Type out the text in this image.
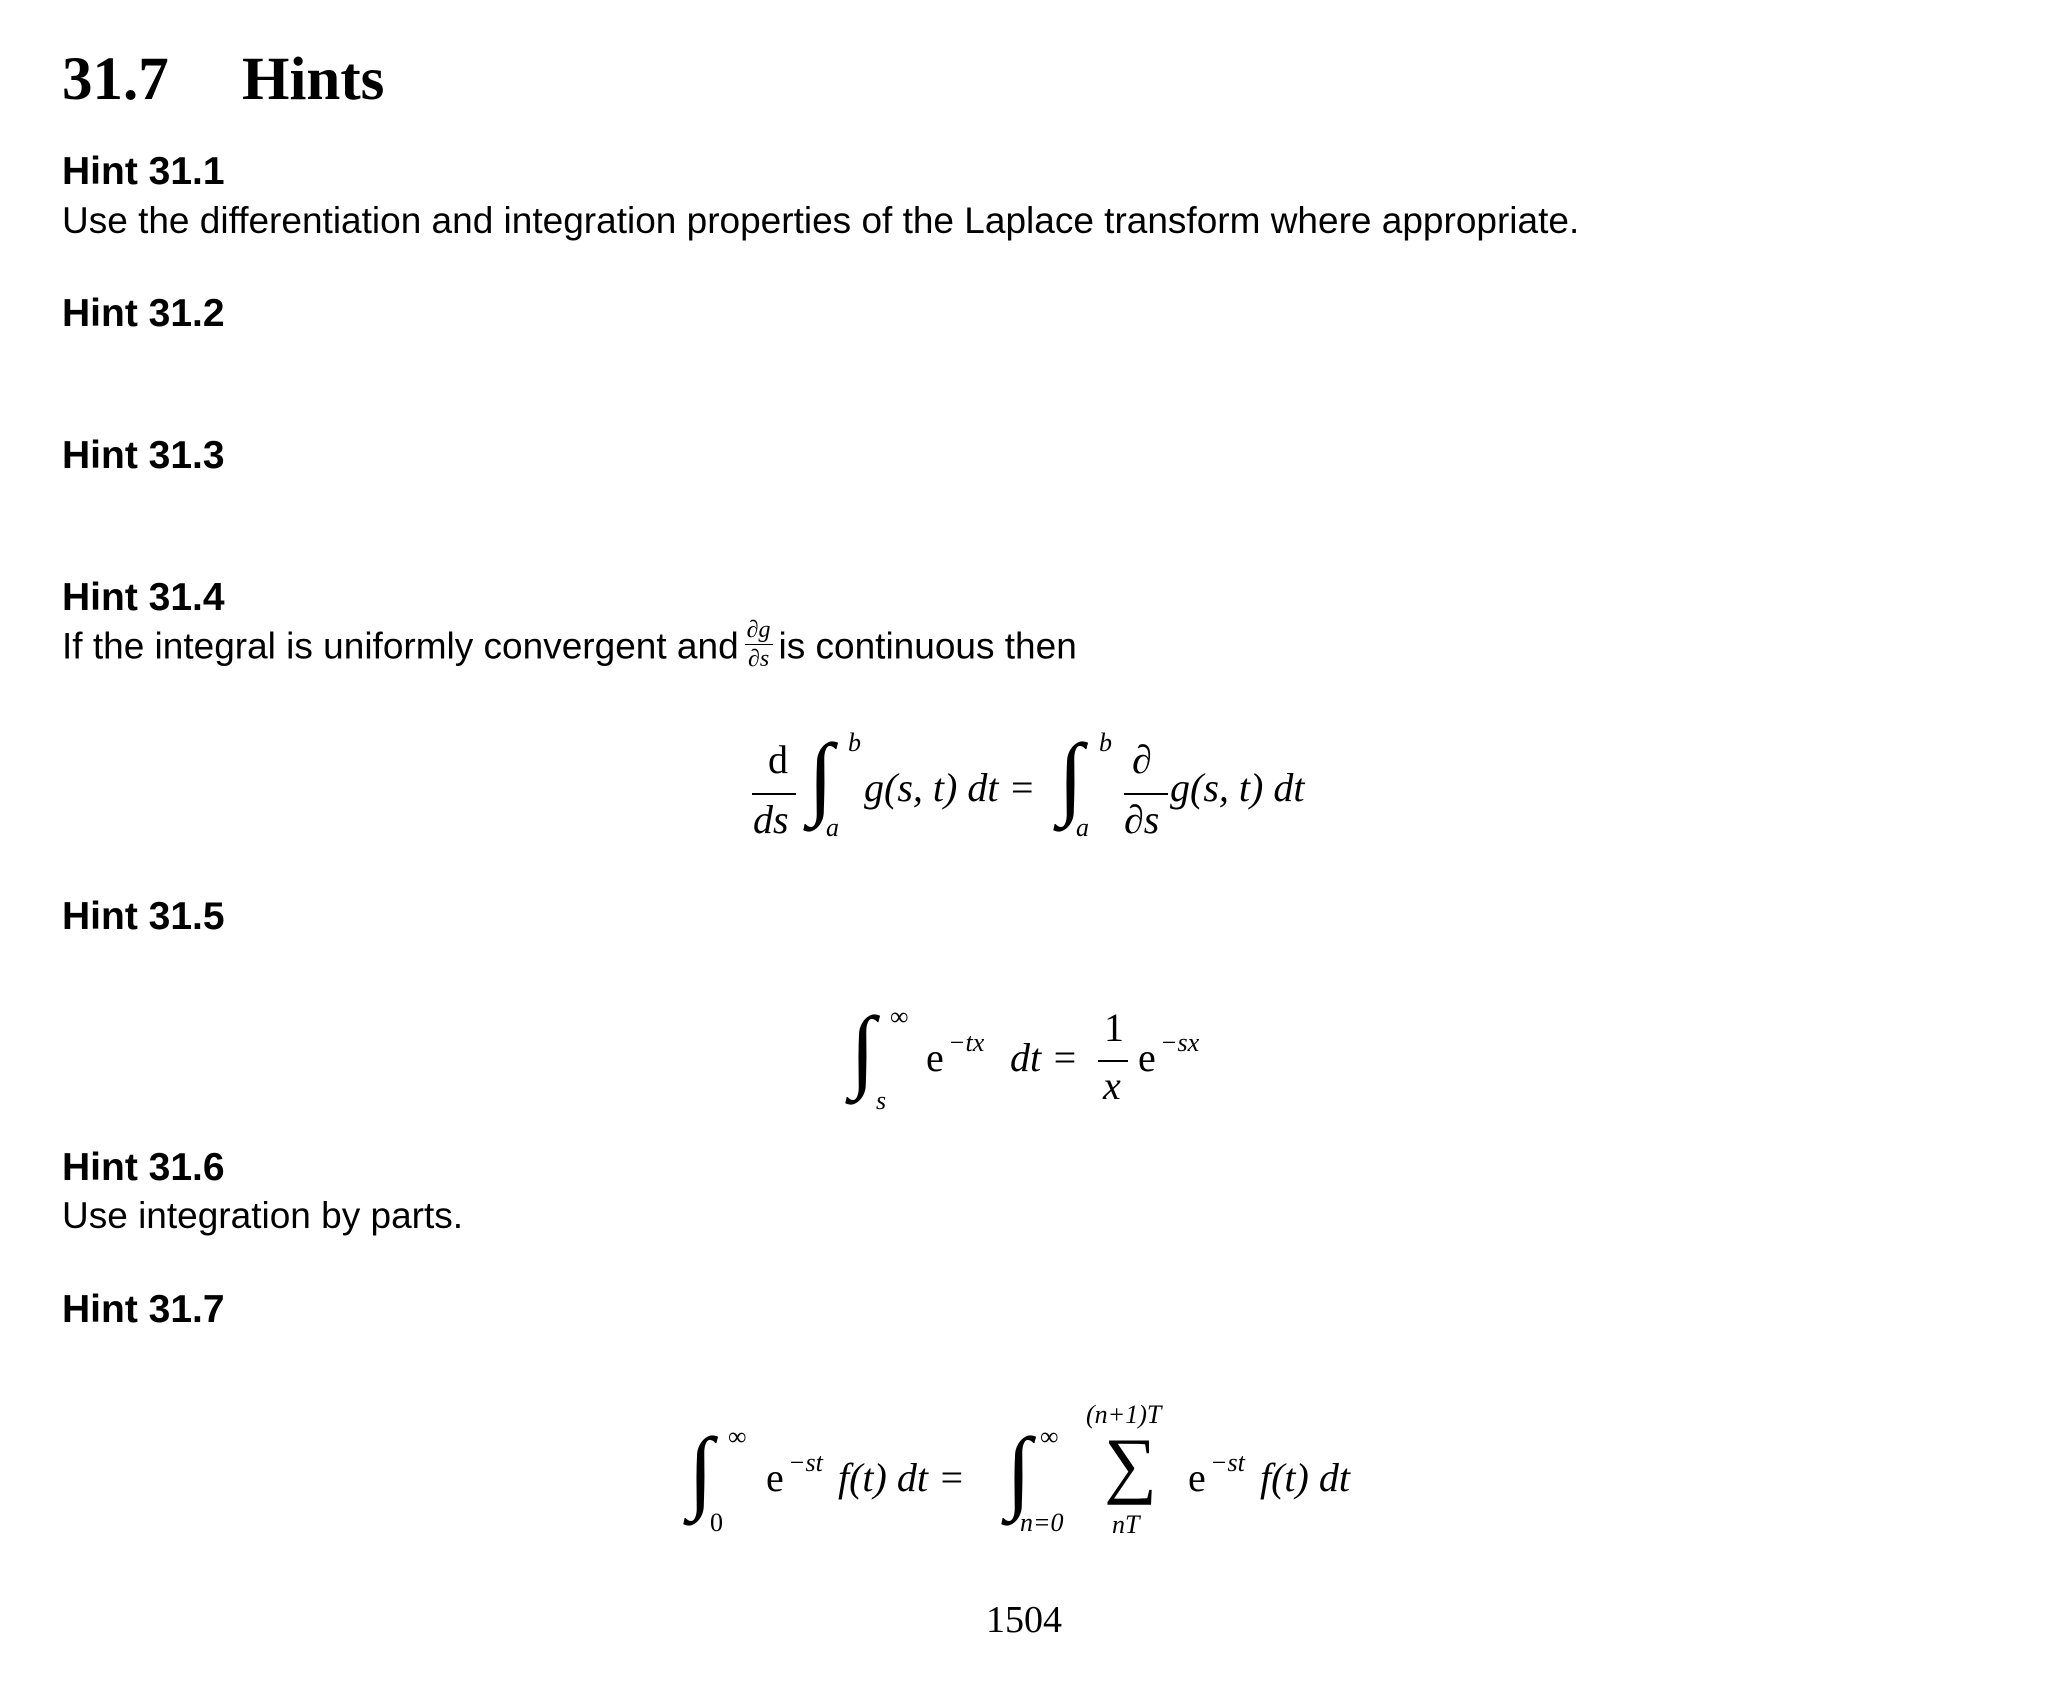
31.7 Hints
Hint 31.1
Use the differentiation and integration properties of the Laplace transform where appropriate.
Hint 31.2
Hint 31.3
Hint 31.4
If the integral is uniformly convergent and $\frac{\partial g}{\partial s}$ is continuous then
d
ds ∫ b
a
g(s, t) dt = ∫ b
a
∂
∂s
g(s, t) dt
Hint 31.5
∫ ∞
s
e −tx dt =
1
x
e −sx
Hint 31.6
Use integration by parts.
Hint 31.7
∫ ∞
0
e −st f(t) dt = ∫ ∞
n=0
(n+1)T
∑
nT
e −st f(t) dt
1504
